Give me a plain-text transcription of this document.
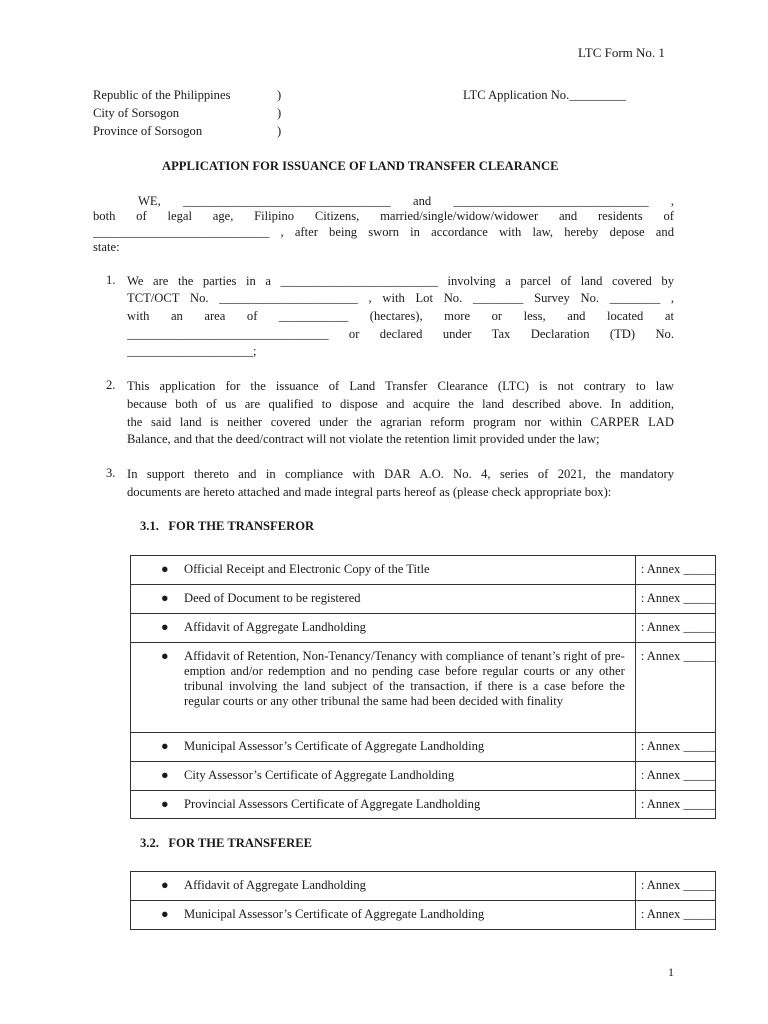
LTC Form No. 1
Republic of the Philippines
City of Sorsogon
Province of Sorsogon
)
)
)
LTC Application No._________
APPLICATION FOR ISSUANCE OF LAND TRANSFER CLEARANCE
WE, _________________________________ and _______________________________ ,
both of legal age, Filipino Citizens, married/single/widow/widower and residents of
____________________________ , after being sworn in accordance with law, hereby depose and
state:
1. We are the parties in a _________________________ involving a parcel of land covered by
TCT/OCT No. ______________________ , with Lot No. ________ Survey No. ________ ,
with an area of ___________ (hectares), more or less, and located at
________________________________ or declared under Tax Declaration (TD) No.
____________________;
2. This application for the issuance of Land Transfer Clearance (LTC) is not contrary to law
because both of us are qualified to dispose and acquire the land described above. In addition,
the said land is neither covered under the agrarian reform program nor within CARPER LAD
Balance, and that the deed/contract will not violate the retention limit provided under the law;
3. In support thereto and in compliance with DAR A.O. No. 4, series of 2021, the mandatory
documents are hereto attached and made integral parts hereof as (please check appropriate box):
3.1.   FOR THE TRANSFEROR
● Official Receipt and Electronic Copy of the Title	: Annex _____

● Deed of Document to be registered	: Annex _____

● Affidavit of Aggregate Landholding	: Annex _____

● Affidavit of Retention, Non-Tenancy/Tenancy with compliance of tenant’s right of pre-emption and/or redemption and no pending case before regular courts or any other tribunal involving the land subject of the transaction, if there is a case before the regular courts or any other tribunal the same had been decided with finality	: Annex _____

● Municipal Assessor’s Certificate of Aggregate Landholding	: Annex _____

● City Assessor’s Certificate of Aggregate Landholding	: Annex _____

● Provincial Assessors Certificate of Aggregate Landholding	: Annex _____
3.2.   FOR THE TRANSFEREE
● Affidavit of Aggregate Landholding	: Annex _____

● Municipal Assessor’s Certificate of Aggregate Landholding	: Annex _____
1
